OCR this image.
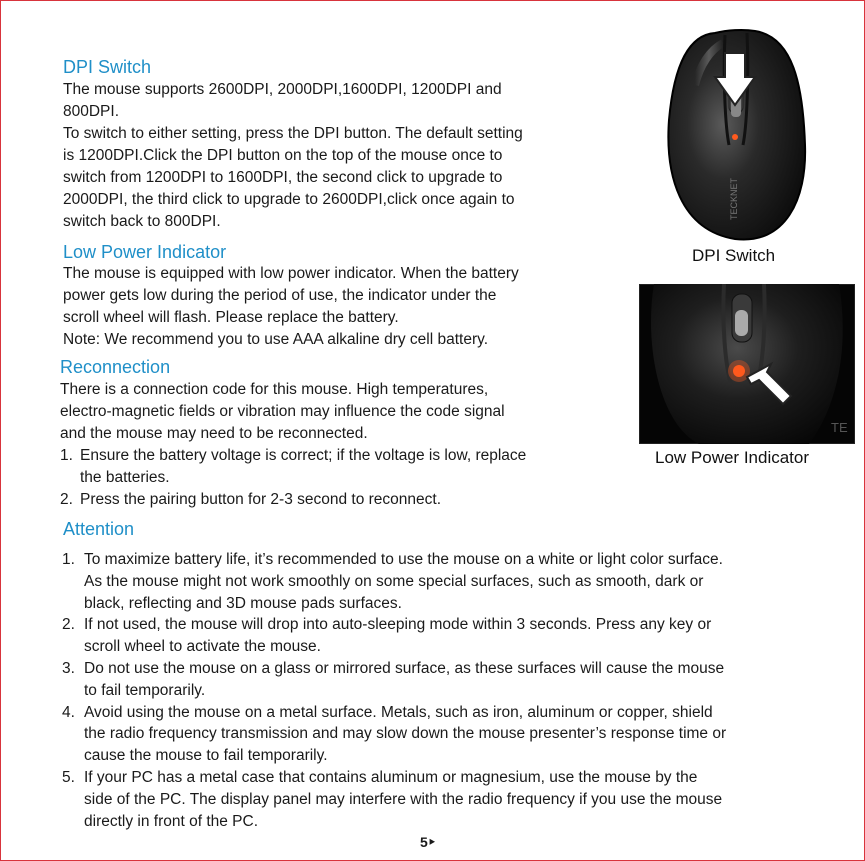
DPI Switch
The mouse supports 2600DPI, 2000DPI,1600DPI, 1200DPI and
800DPI.
To switch to either setting, press the DPI button. The default setting
is 1200DPI.Click the DPI button on the top of the mouse once to
switch from 1200DPI to 1600DPI, the second click to upgrade to
2000DPI, the third click to upgrade to 2600DPI,click once again to
switch back to 800DPI.
Low Power Indicator
The mouse is equipped with low power indicator. When the battery
power gets low during the period of use, the indicator under the
scroll wheel will flash. Please replace the battery.
Note: We recommend you to use AAA alkaline dry cell battery.
Reconnection
There is a connection code for this mouse. High temperatures,
electro-magnetic fields or vibration may influence the code signal
and the mouse may need to be reconnected.
1. Ensure the battery voltage is correct; if the voltage is low, replace
the batteries.
2. Press the pairing button for 2-3 second to reconnect.
Attention
1. To maximize battery life, it’s recommended to use the mouse on a white or light color surface.
As the mouse might not work smoothly on some special surfaces, such as smooth, dark or
black, reflecting and 3D mouse pads surfaces.
2. If not used, the mouse will drop into auto-sleeping mode within 3 seconds. Press any key or
scroll wheel to activate the mouse.
3. Do not use the mouse on a glass or mirrored surface, as these surfaces will cause the mouse
to fail temporarily.
4. Avoid using the mouse on a metal surface. Metals, such as iron, aluminum or copper, shield
the radio frequency transmission and may slow down the mouse presenter’s response time or
cause the mouse to fail temporarily.
5. If your PC has a metal case that contains aluminum or magnesium, use the mouse by the
side of the PC. The display panel may interfere with the radio frequency if you use the mouse
directly in front of the PC.
TECKNET
DPI Switch
TE
Low Power Indicator
5‣
